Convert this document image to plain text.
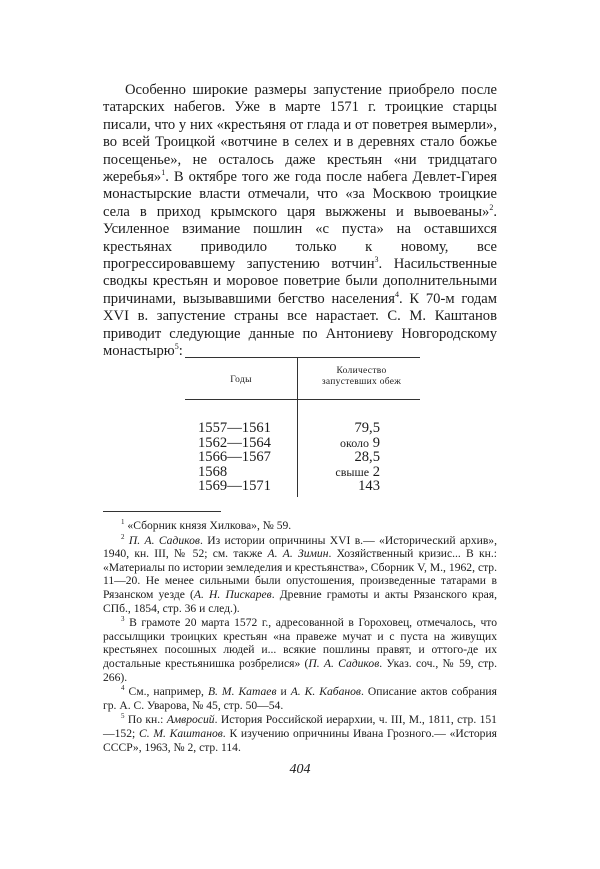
Особенно широкие размеры запустение приобрело после татарских набегов. Уже в марте 1571 г. троицкие старцы писали, что у них «крестьяня от глада и от поветрея вымерли», во всей Троицкой «вотчине в селех и в деревнях стало божье посещенье», не осталось даже крестьян «ни тридцатаго жеребья»$^1$. В октябре того же года после набега Девлет-Гирея монастырские власти отмечали, что «за Москвою троицкие села в приход крымского царя выжжены и вывоеваны»$^2$. Усиленное взимание пошлин «с пуста» на оставшихся крестьянах приводило только к новому, все прогрессировавшему запустению вотчин$^3$. Насильственные сводкы крестьян и моровое поветрие были дополнительными причинами, вызывавшими бегство населения$^4$. К 70-м годам XVI в. запустение страны все нарастает. С. М. Каштанов приводит следующие данные по Антониеву Новгородскому монастырю$^5$:

Годы
Количество
запустевших обеж
1557—1561
1562—1564
1566—1567
1568
1569—1571
79,5
около 9
28,5
свыше 2
143

$^1$ «Сборник князя Хилкова», № 59.

$^2$ П. А. Садиков. Из истории опричнины XVI в.— «Исторический архив», 1940, кн. III, № 52; см. также А. А. Зимин. Хозяйственный кризис... В кн.: «Материалы по истории земледелия и крестьянства», Сборник V, М., 1962, стр. 11—20. Не менее сильными были опустошения, произведенные татарами в Рязанском уезде (А. Н. Пискарев. Древние грамоты и акты Рязанского края, СПб., 1854, стр. 36 и след.).

$^3$ В грамоте 20 марта 1572 г., адресованной в Гороховец, отмечалось, что рассылщики троицких крестьян «на правеже мучат и с пуста на живущих крестьянех посошных людей и... всякие пошлины правят, и оттого-де их достальные крестьянишка розбрелися» (П. А. Садиков. Указ. соч., № 59, стр. 266).

$^4$ См., например, В. М. Катаев и А. К. Кабанов. Описание актов собрания гр. А. С. Уварова, № 45, стр. 50—54.

$^5$ По кн.: Амвросий. История Российской иерархии, ч. III, М., 1811, стр. 151—152; С. М. Каштанов. К изучению опричнины Ивана Грозного.— «История СССР», 1963, № 2, стр. 114.

404
